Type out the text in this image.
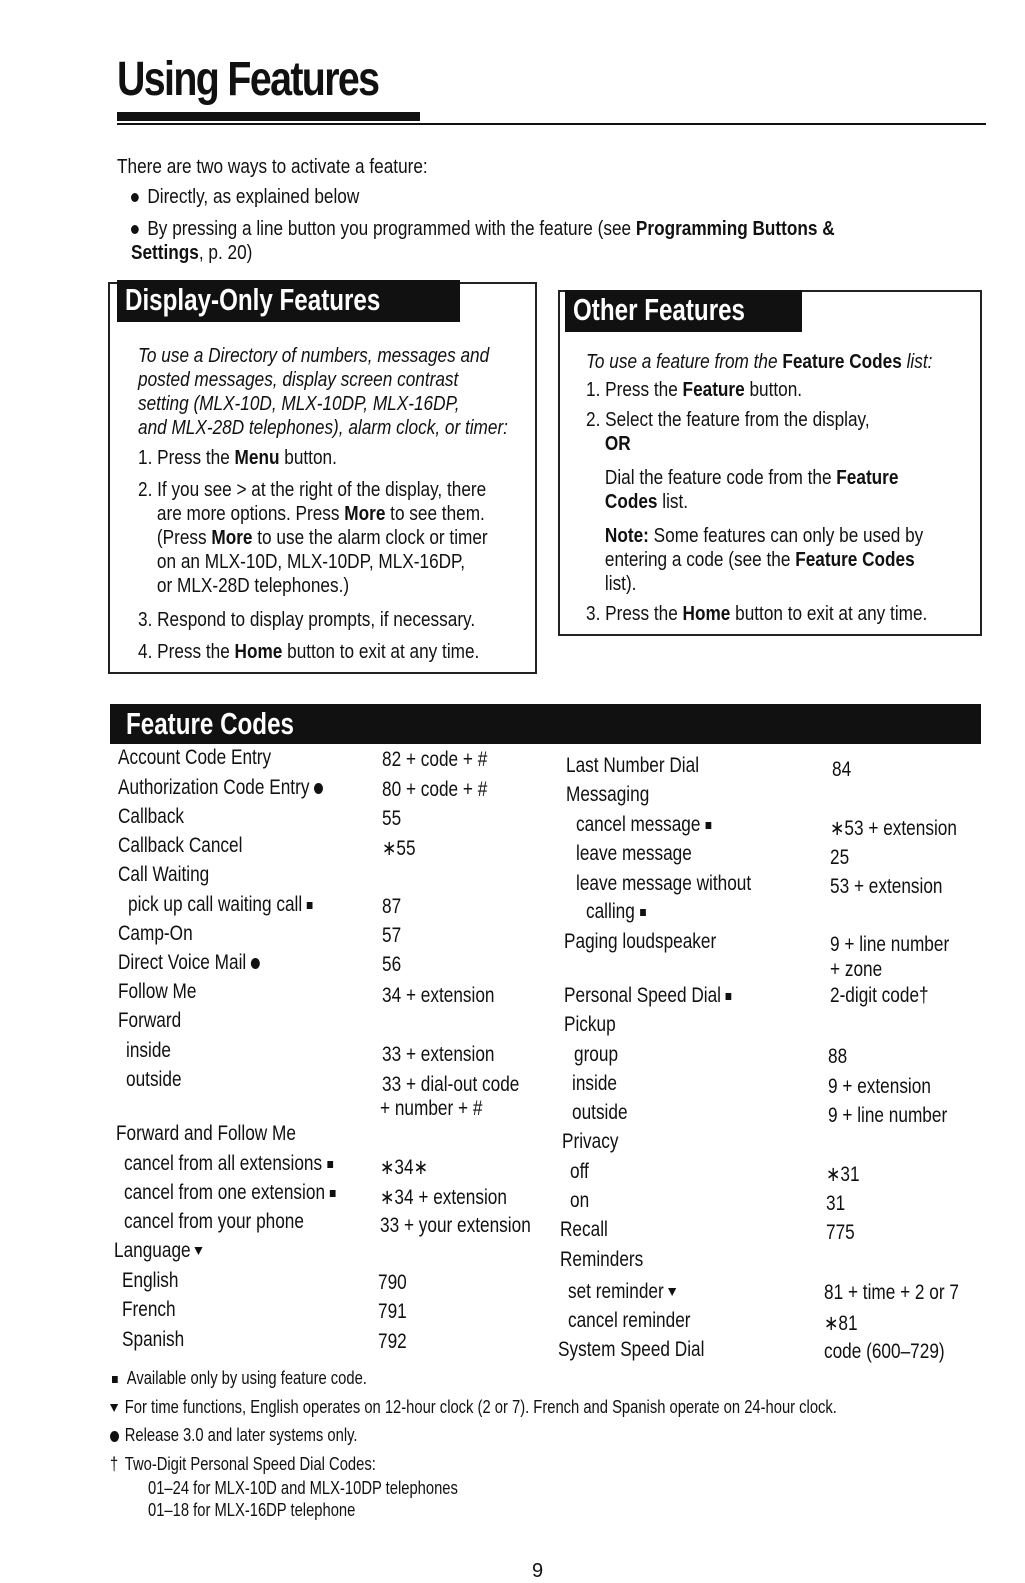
Using Features
There are two ways to activate a feature:
Directly, as explained below
By pressing a line button you programmed with the feature (see Programming Buttons & Settings, p. 20)
Display-Only Features
To use a Directory of numbers, messages and
posted messages, display screen contrast
setting (MLX-10D, MLX-10DP, MLX-16DP,
and MLX-28D telephones), alarm clock, or timer:
1. Press the Menu button.
2. If you see > at the right of the display, there
are more options. Press More to see them.
(Press More to use the alarm clock or timer
on an MLX-10D, MLX-10DP, MLX-16DP,
or MLX-28D telephones.)
3. Respond to display prompts, if necessary.
4. Press the Home button to exit at any time.
Other Features
To use a feature from the Feature Codes list:
1. Press the Feature button.
2. Select the feature from the display,
OR
Dial the feature code from the Feature
Codes list.
Note: Some features can only be used by
entering a code (see the Feature Codes
list).
3. Press the Home button to exit at any time.
Feature Codes
Account Code Entry	82 + code + #
Authorization Code Entry	80 + code + #
Callback	55
Callback Cancel	∗55
Call Waiting
pick up call waiting call	87
Camp-On	57
Direct Voice Mail	56
Follow Me	34 + extension
Forward
inside	33 + extension
outside	33 + dial-out code
+ number + #
Forward and Follow Me
cancel from all extensions	∗34∗
cancel from one extension	∗34 + extension
cancel from your phone	33 + your extension
Language
English	790
French	791
Spanish	792
Last Number Dial	84
Messaging
cancel message	∗53 + extension
leave message	25
leave message without	53 + extension
calling
Paging loudspeaker	9 + line number
+ zone
Personal Speed Dial	2-digit code†
Pickup
group	88
inside	9 + extension
outside	9 + line number
Privacy
off	∗31
on	31
Recall	775
Reminders
set reminder	81 + time + 2 or 7
cancel reminder	∗81
System Speed Dial	code (600–729)
Available only by using feature code.
For time functions, English operates on 12-hour clock (2 or 7). French and Spanish operate on 24-hour clock.
Release 3.0 and later systems only.
† Two-Digit Personal Speed Dial Codes:
01–24 for MLX-10D and MLX-10DP telephones
01–18 for MLX-16DP telephone
9
